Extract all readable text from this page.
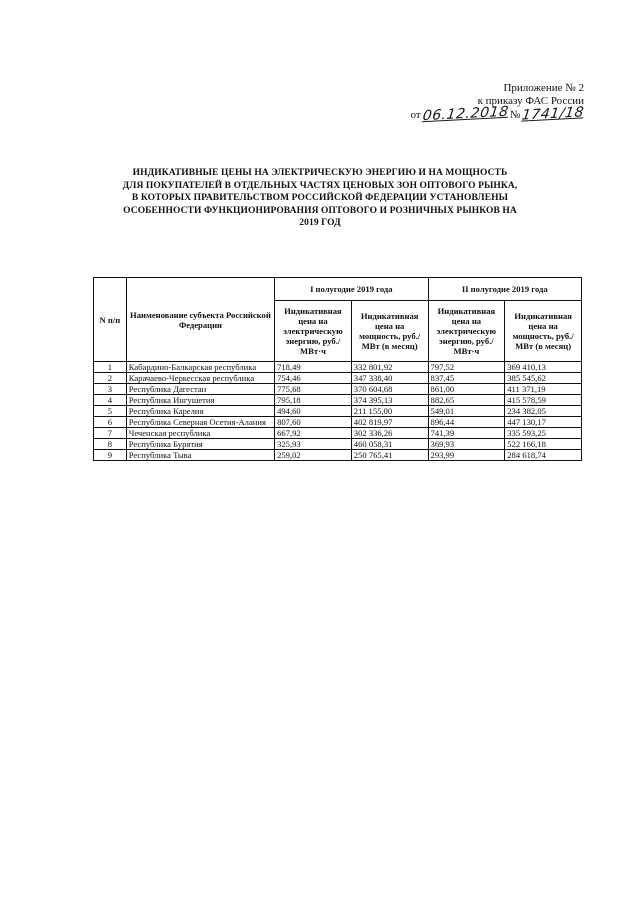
Приложение № 2
к приказу ФАС России
от 06.12.2018 № 1741/18
ИНДИКАТИВНЫЕ ЦЕНЫ НА ЭЛЕКТРИЧЕСКУЮ ЭНЕРГИЮ И НА МОЩНОСТЬ
ДЛЯ ПОКУПАТЕЛЕЙ В ОТДЕЛЬНЫХ ЧАСТЯХ ЦЕНОВЫХ ЗОН ОПТОВОГО РЫНКА,
В КОТОРЫХ ПРАВИТЕЛЬСТВОМ РОССИЙСКОЙ ФЕДЕРАЦИИ УСТАНОВЛЕНЫ
ОСОБЕННОСТИ ФУНКЦИОНИРОВАНИЯ ОПТОВОГО И РОЗНИЧНЫХ РЫНКОВ НА
2019 ГОД
N п/п	Наименование субъекта Российской Федерации	I полугодие 2019 года		II полугодие 2019 года	
		Индикативная цена на электрическую энергию, руб./МВт·ч	Индикативная цена на мощность, руб./МВт (в месяц)	Индикативная цена на электрическую энергию, руб./МВт·ч	Индикативная цена на мощность, руб./МВт (в месяц)
1	Кабардино-Балкарская республика	718,49	332 801,92	797,52	369 410,13
2	Карачаево-Черкесская республика	754,46	347 338,40	837,45	385 545,62
3	Республика Дагестан	775,68	370 604,68	861,00	411 371,19
4	Республика Ингушетия	795,18	374 395,13	882,65	415 578,59
5	Республика Карелия	494,60	211 155,00	549,01	234 382,05
6	Республика Северная Осетия-Алания	807,60	402 819,97	896,44	447 130,17
7	Чеченская республика	667,92	302 336,26	741,39	335 593,25
8	Республика Бурятия	325,93	460 058,31	369,93	522 166,18
9	Республика Тыва	259,02	250 765,41	293,99	284 618,74
